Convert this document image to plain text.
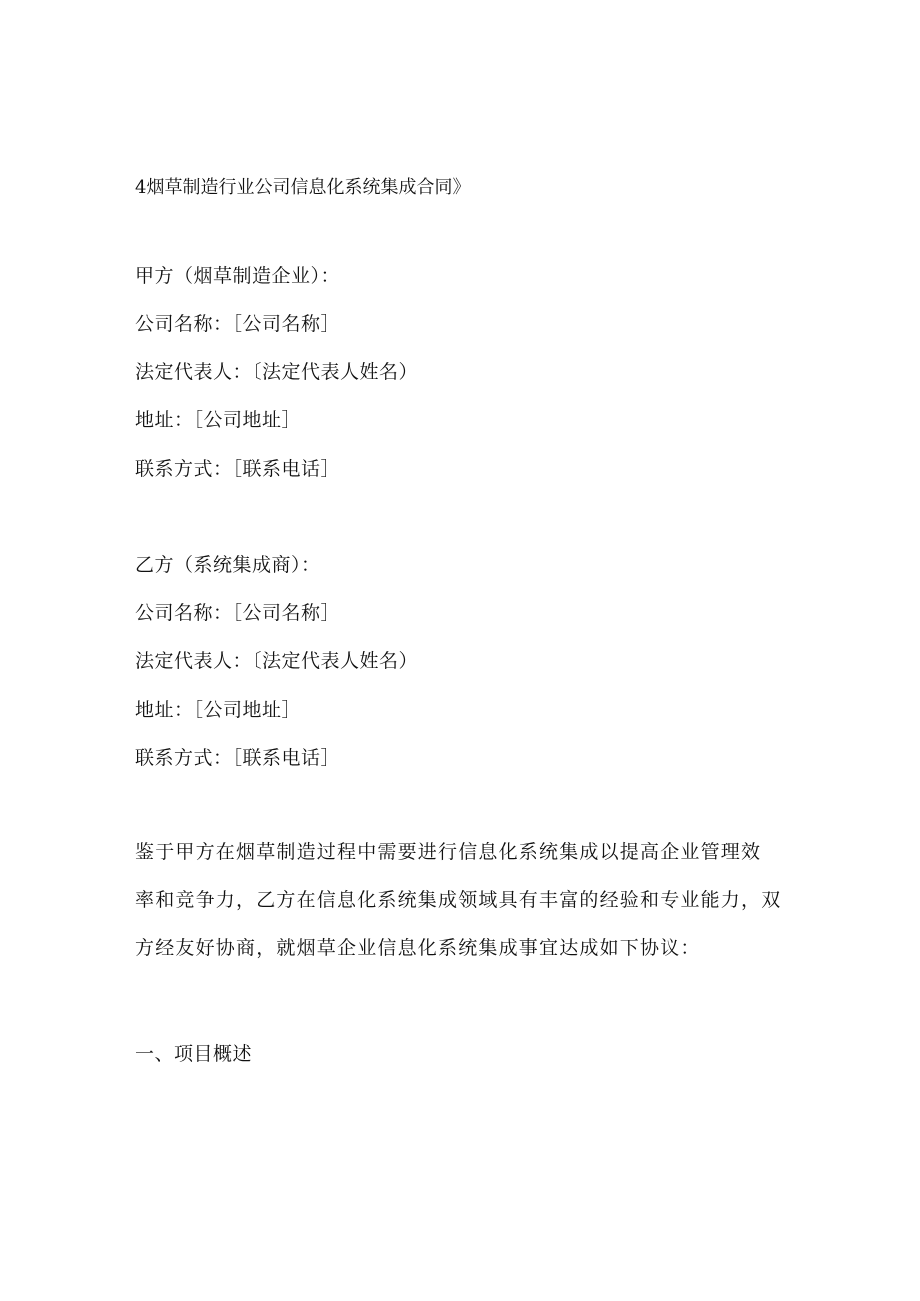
4烟草制造行业公司信息化系统集成合同》
甲方（烟草制造企业）：
公司名称：［公司名称］
法定代表人：〔法定代表人姓名）
地址：［公司地址］
联系方式：［联系电话］
乙方（系统集成商）：
公司名称：［公司名称］
法定代表人：〔法定代表人姓名）
地址：［公司地址］
联系方式：［联系电话］
鉴于甲方在烟草制造过程中需要进行信息化系统集成以提高企业管理效
率和竞争力，乙方在信息化系统集成领域具有丰富的经验和专业能力，双
方经友好协商，就烟草企业信息化系统集成事宜达成如下协议：
一、项目概述
